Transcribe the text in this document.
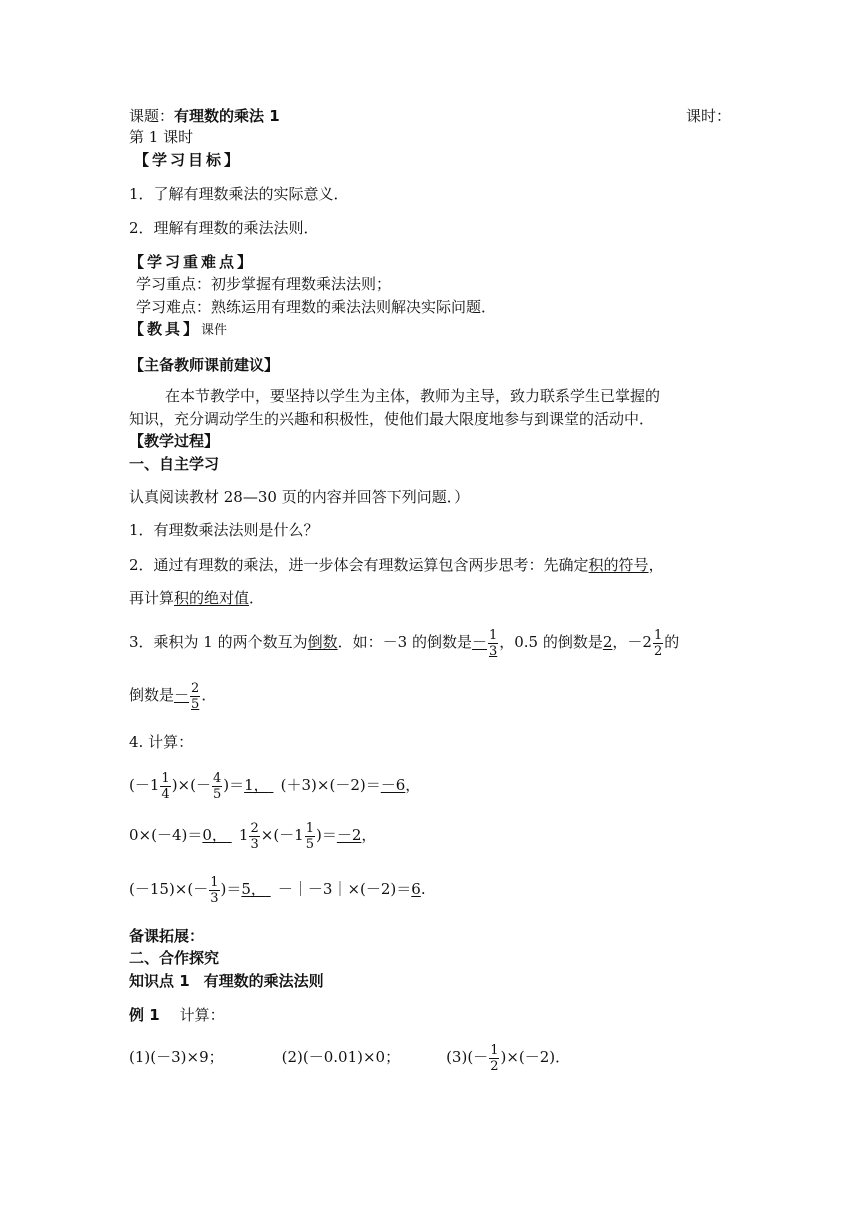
课题：有理数的乘法 1	课时：
第 1 课时
【学习目标】
1．了解有理数乘法的实际意义．
2．理解有理数的乘法法则．
【学习重难点】
学习重点：初步掌握有理数乘法法则；
学习难点：熟练运用有理数的乘法法则解决实际问题．
【教具】课件
【主备教师课前建议】
在本节教学中，要坚持以学生为主体，教师为主导，致力联系学生已掌握的
知识，充分调动学生的兴趣和积极性，使他们最大限度地参与到课堂的活动中．
【教学过程】
一、自主学习
认真阅读教材 28—30 页的内容并回答下列问题．）
1．有理数乘法法则是什么？
2．通过有理数的乘法，进一步体会有理数运算包含两步思考：先确定积的符号，
再计算积的绝对值．
3．乘积为 1 的两个数互为倒数．如：－3 的倒数是－ $\frac{1}{3}$ ，0.5 的倒数是2，$-2 \frac{1}{2}$ 的
倒数是－ $\frac{2}{5}$ ．
4. 计算：
($-1 \frac{1}{4}$ )×(－ $\frac{4}{5} )=1$， (＋3)×(－2)＝－6，
0×(－4)＝0， $1 \frac{2}{3} \times(-1 \frac{1}{5} )=-2$，
$(-15)\times(- \frac{1}{3} )=5$， －｜－3｜×(－2)＝6.
备课拓展：
二、合作探究
知识点 1 有理数的乘法法则
例 1 计算：
(1)(－3)×9；	(2)(－0.01)×0；	$(3)(- \frac{1}{2} )\times(-2)$．
